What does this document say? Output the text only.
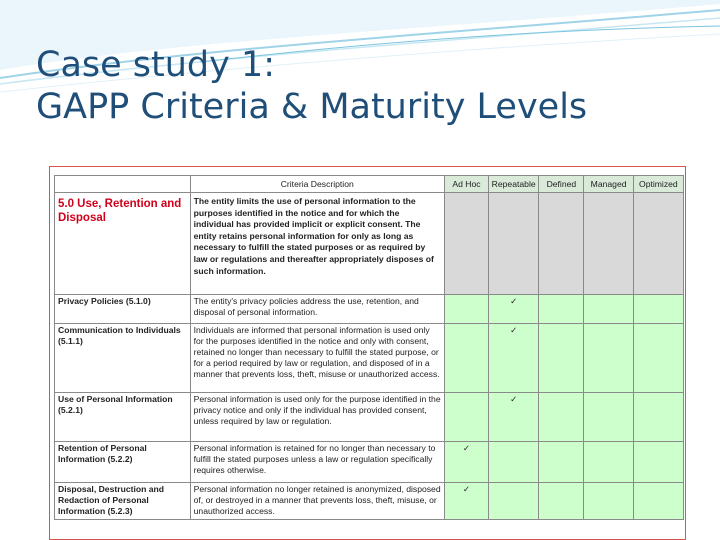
Case study 1:
GAPP Criteria & Maturity Levels
	Criteria Description	Ad Hoc	Repeatable	Defined	Managed	Optimized
5.0 Use, Retention and Disposal	The entity limits the use of personal information to the purposes identified in the notice and for which the individual has provided implicit or explicit consent. The entity retains personal information for only as long as necessary to fulfill the stated purposes or as required by law or regulations and thereafter appropriately disposes of such information.					
Privacy Policies (5.1.0)	The entity's privacy policies address the use, retention, and disposal of personal information.		✓			
Communication to Individuals (5.1.1)	Individuals are informed that personal information is used only for the purposes identified in the notice and only with consent, retained no longer than necessary to fulfill the stated purpose, or for a period required by law or regulation, and disposed of in a manner that prevents loss, theft, misuse or unauthorized access.		✓			
Use of Personal Information (5.2.1)	Personal information is used only for the purpose identified in the privacy notice and only if the individual has provided consent, unless required by law or regulation.		✓			
Retention of Personal Information (5.2.2)	Personal information is retained for no longer than necessary to fulfill the stated purposes unless a law or regulation specifically requires otherwise.	✓				
Disposal, Destruction and Redaction of Personal Information (5.2.3)	Personal information no longer retained is anonymized, disposed of, or destroyed in a manner that prevents loss, theft, misuse, or unauthorized access.	✓				
